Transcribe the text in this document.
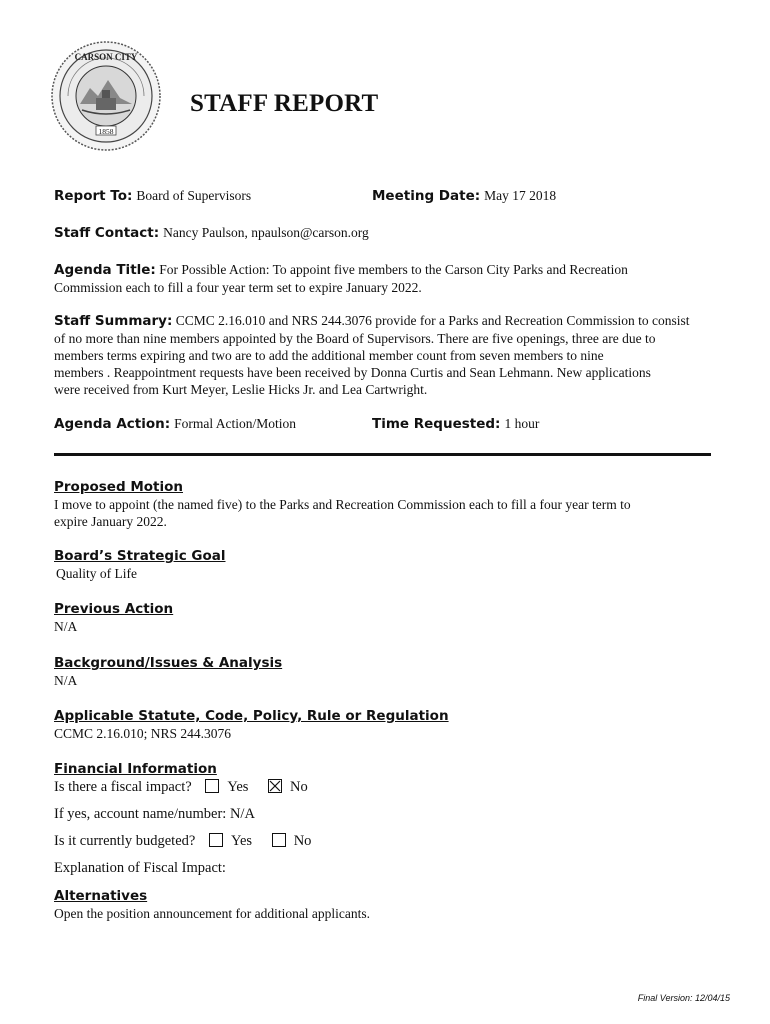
CARSON CITY
1858
STAFF REPORT
Report To: Board of Supervisors	Meeting Date: May 17 2018
Staff Contact: Nancy Paulson, npaulson@carson.org
Agenda Title: For Possible Action: To appoint five members to the Carson City Parks and Recreation
Commission each to fill a four year term set to expire January 2022.
Staff Summary: CCMC 2.16.010 and NRS 244.3076 provide for a Parks and Recreation Commission to consist
of no more than nine members appointed by the Board of Supervisors. There are five openings, three are due to
members terms expiring and two are to add the additional member count from seven members to nine
members . Reappointment requests have been received by Donna Curtis and Sean Lehmann. New applications
were received from Kurt Meyer, Leslie Hicks Jr. and Lea Cartwright.
Agenda Action: Formal Action/Motion	Time Requested: 1 hour
Proposed Motion
I move to appoint (the named five) to the Parks and Recreation Commission each to fill a four year term to
expire January 2022.
Board’s Strategic Goal
Quality of Life
Previous Action
N/A
Background/Issues & Analysis
N/A
Applicable Statute, Code, Policy, Rule or Regulation
CCMC 2.16.010; NRS 244.3076
Financial Information
Is there a fiscal impact? Yes	No
If yes, account name/number: N/A
Is it currently budgeted? Yes	No
Explanation of Fiscal Impact:
Alternatives
Open the position announcement for additional applicants.
Final Version: 12/04/15
